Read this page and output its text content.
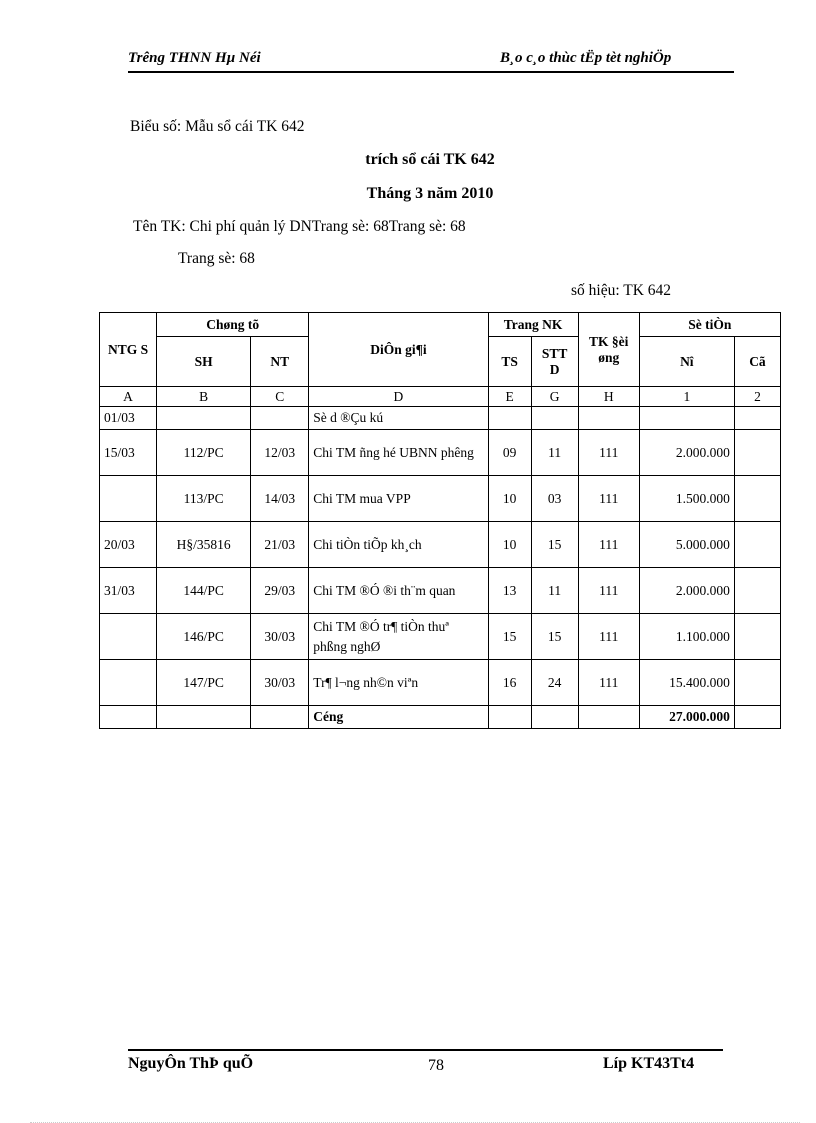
Trêng THNN Hµ Néi	B¸o c¸o thùc tËp tèt nghiÖp
Biểu số: Mẫu sổ cái TK 642
trích sổ cái TK 642
Tháng 3 năm 2010
Tên TK: Chi phí quản lý DNTrang sè: 68Trang sè: 68
Trang sè: 68
số hiệu: TK 642
NTG S	Chøng tõ		DiÔn gi¶i	Trang NK		TK §èi øng	Sè tiÒn	
	SH	NT		TS	STT D		Nî	Cã
A	B	C	D	E	G	H	1	2
01/03			Sè d ®Çu kú					
15/03	112/PC	12/03	Chi TM ñng hé UBNN phêng	09	11	111	2.000.000	
	113/PC	14/03	Chi TM mua VPP	10	03	111	1.500.000	
20/03	H§/35816	21/03	Chi tiÒn tiÕp kh¸ch	10	15	111	5.000.000	
31/03	144/PC	29/03	Chi TM ®Ó ®i th¨m quan	13	11	111	2.000.000	
	146/PC	30/03	Chi TM ®Ó tr¶ tiÒn thuª phßng nghØ	15	15	111	1.100.000	
	147/PC	30/03	Tr¶ l¬ng nh©n viªn	16	24	111	15.400.000	
			Céng				27.000.000	
NguyÔn ThÞ quÕ	78	Líp KT43Tt4
